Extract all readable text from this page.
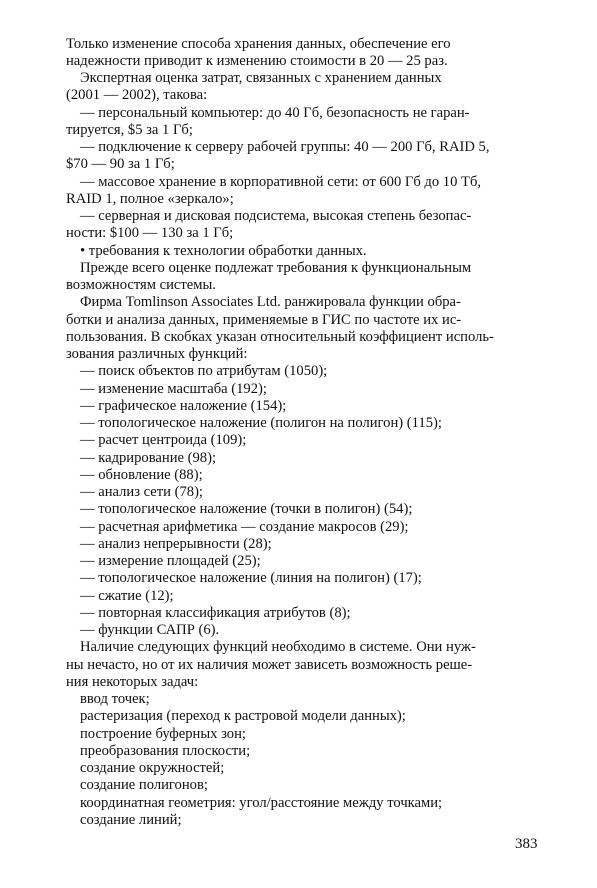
Только изменение способа хранения данных, обеспечение его
надежности приводит к изменению стоимости в 20 — 25 раз.
Экспертная оценка затрат, связанных с хранением данных
(2001 — 2002), такова:
— персональный компьютер: до 40 Гб, безопасность не гаран-
тируется, $5 за 1 Гб;
— подключение к серверу рабочей группы: 40 — 200 Гб, RAID 5,
$70 — 90 за 1 Гб;
— массовое хранение в корпоративной сети: от 600 Гб до 10 Тб,
RAID 1, полное «зеркало»;
— серверная и дисковая подсистема, высокая степень безопас-
ности: $100 — 130 за 1 Гб;
• требования к технологии обработки данных.
Прежде всего оценке подлежат требования к функциональным
возможностям системы.
Фирма Tomlinson Associates Ltd. ранжировала функции обра-
ботки и анализа данных, применяемые в ГИС по частоте их ис-
пользования. В скобках указан относительный коэффициент исполь-
зования различных функций:
— поиск объектов по атрибутам (1050);
— изменение масштаба (192);
— графическое наложение (154);
— топологическое наложение (полигон на полигон) (115);
— расчет центроида (109);
— кадрирование (98);
— обновление (88);
— анализ сети (78);
— топологическое наложение (точки в полигон) (54);
— расчетная арифметика — создание макросов (29);
— анализ непрерывности (28);
— измерение площадей (25);
— топологическое наложение (линия на полигон) (17);
— сжатие (12);
— повторная классификация атрибутов (8);
— функции САПР (6).
Наличие следующих функций необходимо в системе. Они нуж-
ны нечасто, но от их наличия может зависеть возможность реше-
ния некоторых задач:
ввод точек;
растеризация (переход к растровой модели данных);
построение буферных зон;
преобразования плоскости;
создание окружностей;
создание полигонов;
координатная геометрия: угол/расстояние между точками;
создание линий;
383
